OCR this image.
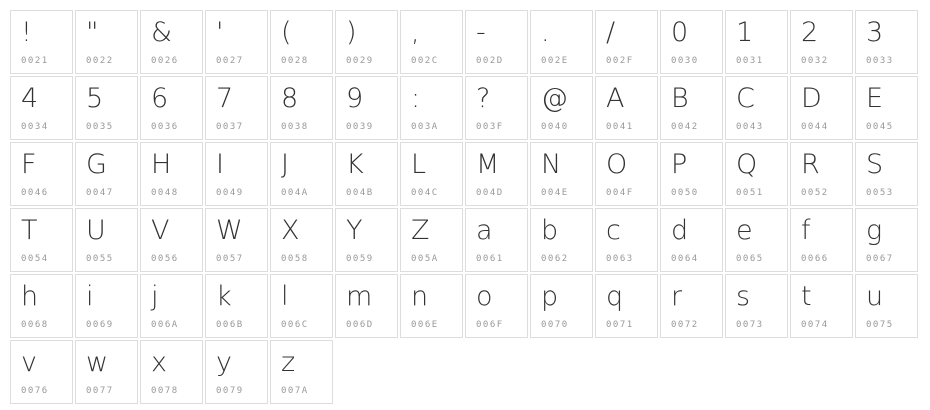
!
0021
"
0022
&
0026
'
0027
(
0028
)
0029
,
002C
-
002D
.
002E
/
002F
0
0030
1
0031
2
0032
3
0033
4
0034
5
0035
6
0036
7
0037
8
0038
9
0039
:
003A
?
003F
@
0040
A
0041
B
0042
C
0043
D
0044
E
0045
F
0046
G
0047
H
0048
I
0049
J
004A
K
004B
L
004C
M
004D
N
004E
O
004F
P
0050
Q
0051
R
0052
S
0053
T
0054
U
0055
V
0056
W
0057
X
0058
Y
0059
Z
005A
a
0061
b
0062
c
0063
d
0064
e
0065
f
0066
g
0067
h
0068
i
0069
j
006A
k
006B
l
006C
m
006D
n
006E
o
006F
p
0070
q
0071
r
0072
s
0073
t
0074
u
0075
v
0076
w
0077
x
0078
y
0079
z
007A
